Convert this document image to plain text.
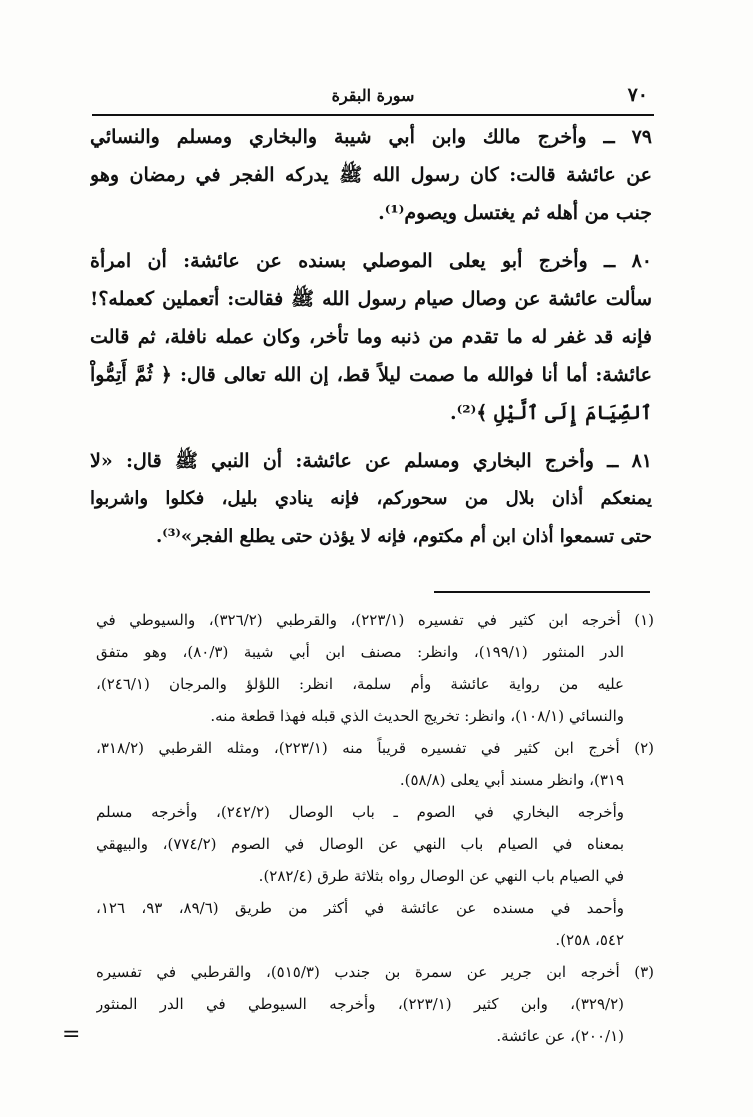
٧٠
سورة البقرة
٧٩ ــ وأخرج مالك وابن أبي شيبة والبخاري ومسلم والنسائي
عن عائشة قالت: كان رسول الله ﷺ يدركه الفجر في رمضان وهو
جنب من أهله ثم يغتسل ويصوم⁽¹⁾.
٨٠ ــ وأخرج أبو يعلى الموصلي بسنده عن عائشة: أن امرأة
سألت عائشة عن وصال صيام رسول الله ﷺ فقالت: أتعملين كعمله؟!
فإنه قد غفر له ما تقدم من ذنبه وما تأخر، وكان عمله نافلة، ثم قالت
عائشة: أما أنا فوالله ما صمت ليلاً قط، إن الله تعالى قال: ﴿ ثُمَّ أَتِمُّواْ
ٱلصِّيَامَ إِلَى ٱلَّيْلِ ﴾⁽²⁾.
٨١ ــ وأخرج البخاري ومسلم عن عائشة: أن النبي ﷺ قال: «لا
يمنعكم أذان بلال من سحوركم، فإنه ينادي بليل، فكلوا واشربوا
حتى تسمعوا أذان ابن أم مكتوم، فإنه لا يؤذن حتى يطلع الفجر»⁽³⁾.
(١) أخرجه ابن كثير في تفسيره (٢٢٣/١)، والقرطبي (٣٢٦/٢)، والسيوطي في
الدر المنثور (١٩٩/١)، وانظر: مصنف ابن أبي شيبة (٨٠/٣)، وهو متفق
عليه من رواية عائشة وأم سلمة، انظر: اللؤلؤ والمرجان (٢٤٦/١)،
والنسائي (١٠٨/١)، وانظر: تخريج الحديث الذي قبله فهذا قطعة منه.
(٢) أخرج ابن كثير في تفسيره قريباً منه (٢٢٣/١)، ومثله القرطبي (٣١٨/٢،
٣١٩)، وانظر مسند أبي يعلى (٥٨/٨).
وأخرجه البخاري في الصوم ـ باب الوصال (٢٤٢/٢)، وأخرجه مسلم
بمعناه في الصيام باب النهي عن الوصال في الصوم (٧٧٤/٢)، والبيهقي
في الصيام باب النهي عن الوصال رواه بثلاثة طرق (٢٨٢/٤).
وأحمد في مسنده عن عائشة في أكثر من طريق (٨٩/٦، ٩٣، ١٢٦،
٥٤٢، ٢٥٨).
(٣) أخرجه ابن جرير عن سمرة بن جندب (٥١٥/٣)، والقرطبي في تفسيره
(٣٢٩/٢)، وابن كثير (٢٢٣/١)، وأخرجه السيوطي في الدر المنثور
(٢٠٠/١)، عن عائشة.
=
